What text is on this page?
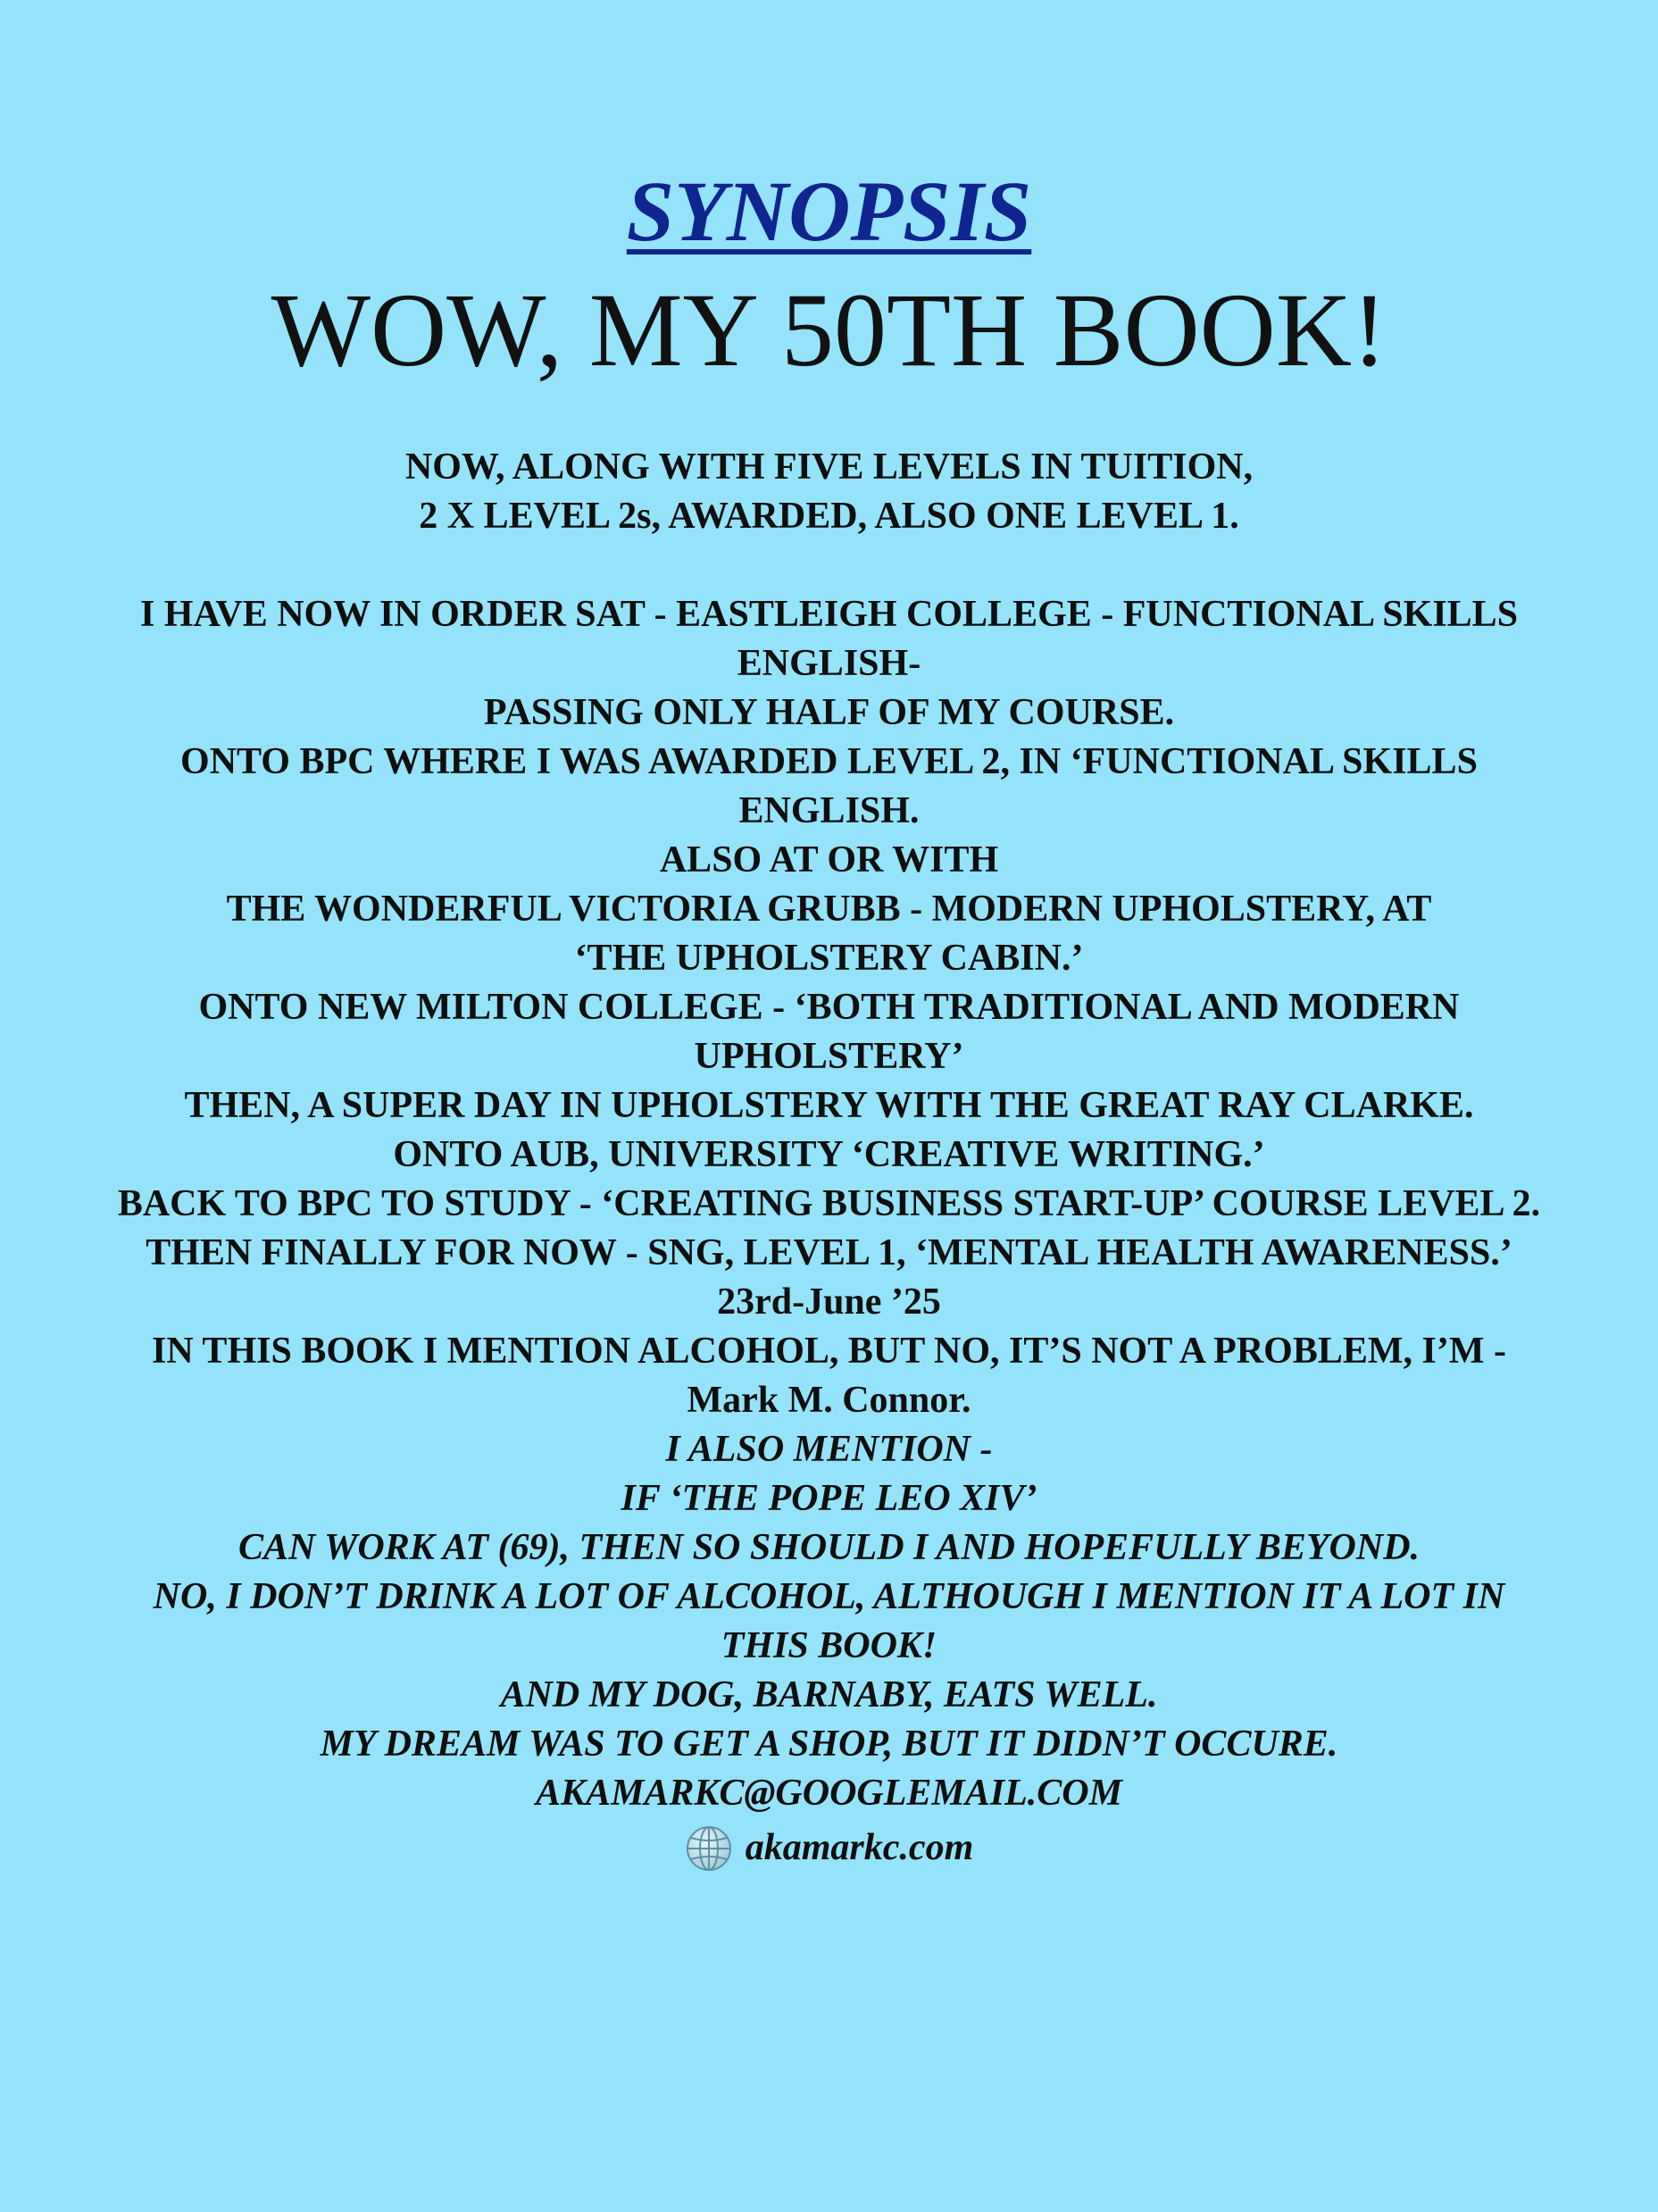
SYNOPSIS
WOW, MY 50TH BOOK!
NOW, ALONG WITH FIVE LEVELS IN TUITION,
2 X LEVEL 2s, AWARDED, ALSO ONE LEVEL 1.
I HAVE NOW IN ORDER SAT - EASTLEIGH COLLEGE - FUNCTIONAL SKILLS
ENGLISH-
PASSING ONLY HALF OF MY COURSE.
ONTO BPC WHERE I WAS AWARDED LEVEL 2, IN ‘FUNCTIONAL SKILLS
ENGLISH.
ALSO AT OR WITH
THE WONDERFUL VICTORIA GRUBB - MODERN UPHOLSTERY, AT
‘THE UPHOLSTERY CABIN.’
ONTO NEW MILTON COLLEGE - ‘BOTH TRADITIONAL AND MODERN
UPHOLSTERY’
THEN, A SUPER DAY IN UPHOLSTERY WITH THE GREAT RAY CLARKE.
ONTO AUB, UNIVERSITY ‘CREATIVE WRITING.’
BACK TO BPC TO STUDY - ‘CREATING BUSINESS START-UP’ COURSE LEVEL 2.
THEN FINALLY FOR NOW - SNG, LEVEL 1, ‘MENTAL HEALTH AWARENESS.’
23rd-June ’25
IN THIS BOOK I MENTION ALCOHOL, BUT NO, IT’S NOT A PROBLEM, I’M -
Mark M. Connor.
I ALSO MENTION -
IF ‘THE POPE LEO XIV’
CAN WORK AT (69), THEN SO SHOULD I AND HOPEFULLY BEYOND.
NO, I DON’T DRINK A LOT OF ALCOHOL, ALTHOUGH I MENTION IT A LOT IN
THIS BOOK!
AND MY DOG, BARNABY, EATS WELL.
MY DREAM WAS TO GET A SHOP, BUT IT DIDN’T OCCURE.
AKAMARKC@GOOGLEMAIL.COM
akamarkc.com
